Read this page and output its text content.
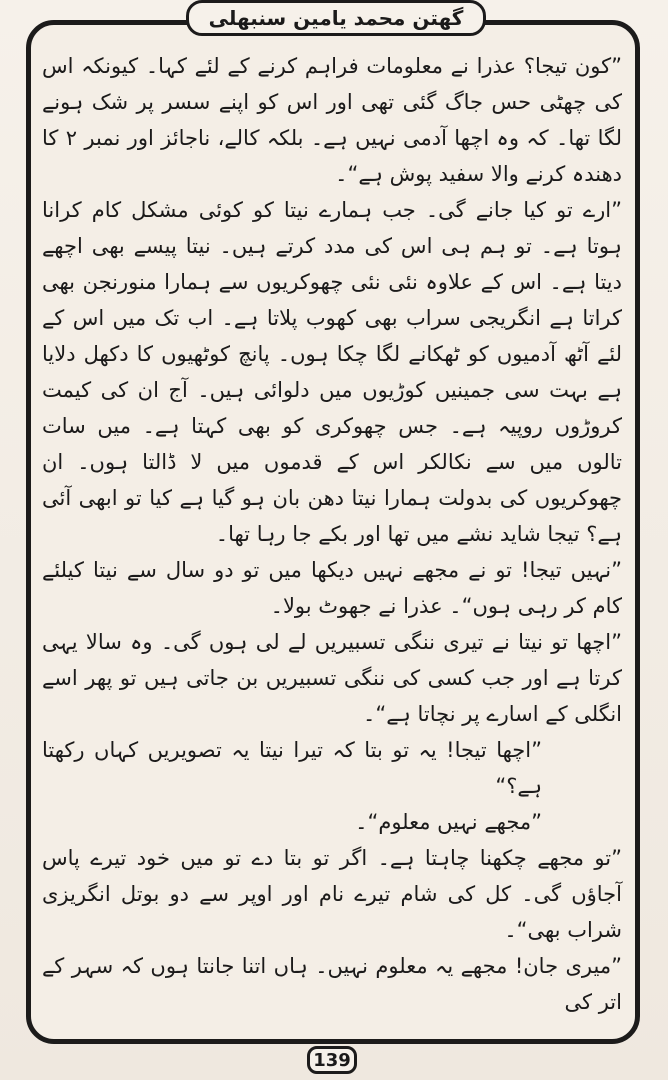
گھتن محمد یامین سنبھلی

”کون تیجا؟ عذرا نے معلومات فراہم کرنے کے لئے کہا۔ کیونکہ اس کی چھٹی حس جاگ گئی تھی اور اس کو اپنے سسر پر شک ہونے لگا تھا۔ کہ وہ اچھا آدمی نہیں ہے۔ بلکہ کالے، ناجائز اور نمبر ۲ کا دھندہ کرنے والا سفید پوش ہے“۔

”ارے تو کیا جانے گی۔ جب ہمارے نیتا کو کوئی مشکل کام کرانا ہوتا ہے۔ تو ہم ہی اس کی مدد کرتے ہیں۔ نیتا پیسے بھی اچھے دیتا ہے۔ اس کے علاوہ نئی نئی چھوکریوں سے ہمارا منورنجن بھی کراتا ہے انگریجی سراب بھی کھوب پلاتا ہے۔ اب تک میں اس کے لئے آٹھ آدمیوں کو ٹھکانے لگا چکا ہوں۔ پانچ کوٹھیوں کا دکھل دلایا ہے بہت سی جمینیں کوڑیوں میں دلوائی ہیں۔ آج ان کی کیمت کروڑوں روپیہ ہے۔ جس چھوکری کو بھی کہتا ہے۔ میں سات تالوں میں سے نکالکر اس کے قدموں میں لا ڈالتا ہوں۔ ان چھوکریوں کی بدولت ہمارا نیتا دھن بان ہو گیا ہے کیا تو ابھی آئی ہے؟ تیجا شاید نشے میں تھا اور بکے جا رہا تھا۔

”نہیں تیجا! تو نے مجھے نہیں دیکھا میں تو دو سال سے نیتا کیلئے کام کر رہی ہوں“۔ عذرا نے جھوٹ بولا۔

”اچھا تو نیتا نے تیری ننگی تسبیریں لے لی ہوں گی۔ وہ سالا یہی کرتا ہے اور جب کسی کی ننگی تسبیریں بن جاتی ہیں تو پھر اسے انگلی کے اسارے پر نچاتا ہے“۔

”اچھا تیجا! یہ تو بتا کہ تیرا نیتا یہ تصویریں کہاں رکھتا ہے؟“

”مجھے نہیں معلوم“۔

”تو مجھے چکھنا چاہتا ہے۔ اگر تو بتا دے تو میں خود تیرے پاس آجاؤں گی۔ کل کی شام تیرے نام اور اوپر سے دو بوتل انگریزی شراب بھی“۔

”میری جان! مجھے یہ معلوم نہیں۔ ہاں اتنا جانتا ہوں کہ سہر کے اتر کی

139
